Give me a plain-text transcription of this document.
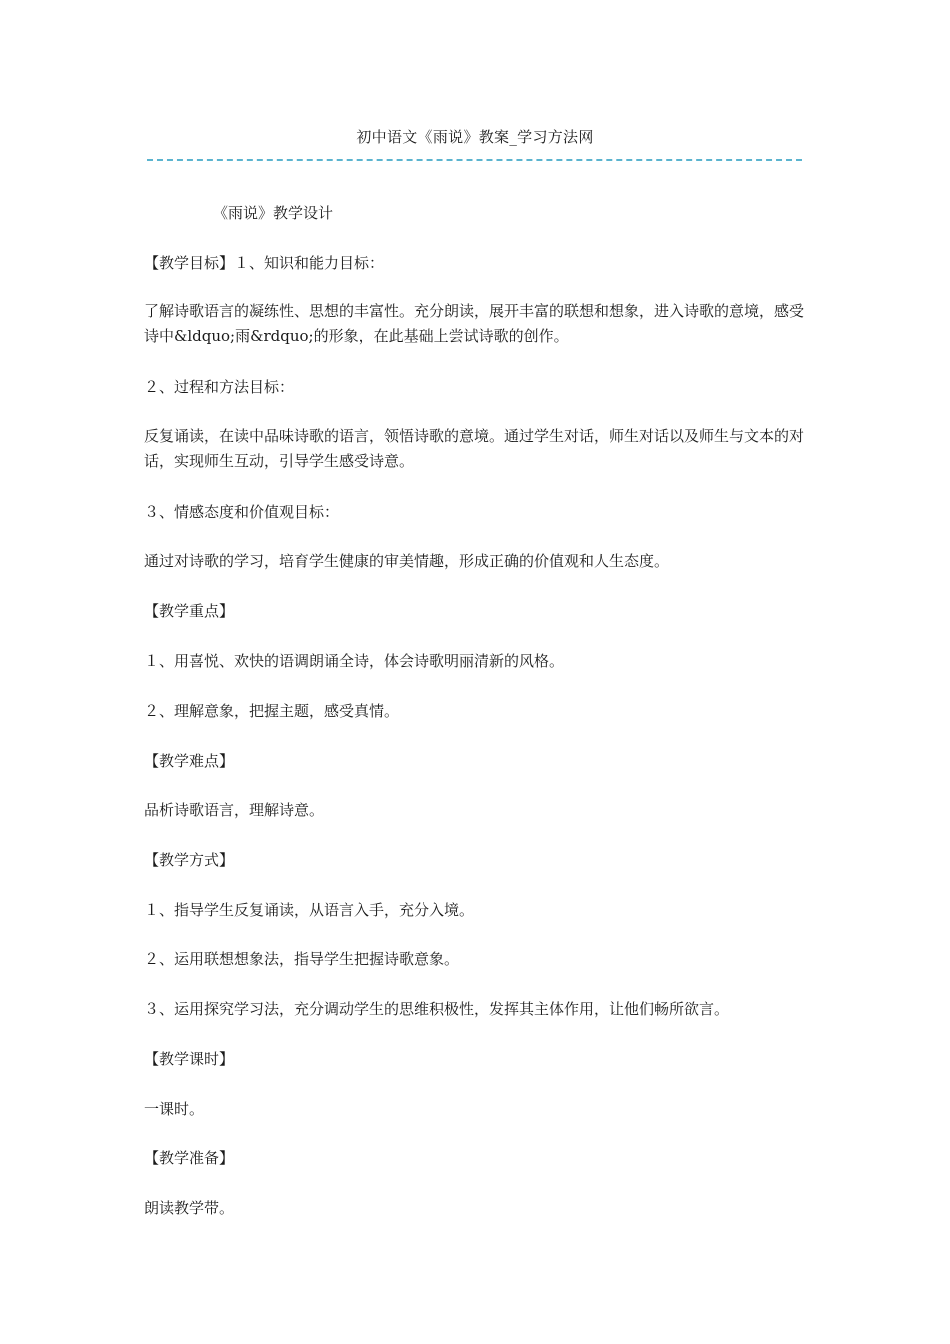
初中语文《雨说》教案_学习方法网
《雨说》教学设计
【教学目标】１、知识和能力目标：
了解诗歌语言的凝练性、思想的丰富性。充分朗读，展开丰富的联想和想象，进入诗歌的意境，感受诗中&ldquo;雨&rdquo;的形象，在此基础上尝试诗歌的创作。
２、过程和方法目标：
反复诵读，在读中品味诗歌的语言，领悟诗歌的意境。通过学生对话，师生对话以及师生与文本的对话，实现师生互动，引导学生感受诗意。
３、情感态度和价值观目标：
通过对诗歌的学习，培育学生健康的审美情趣，形成正确的价值观和人生态度。
【教学重点】
１、用喜悦、欢快的语调朗诵全诗，体会诗歌明丽清新的风格。
２、理解意象，把握主题，感受真情。
【教学难点】
品析诗歌语言，理解诗意。
【教学方式】
１、指导学生反复诵读，从语言入手，充分入境。
２、运用联想想象法，指导学生把握诗歌意象。
３、运用探究学习法，充分调动学生的思维积极性，发挥其主体作用，让他们畅所欲言。
【教学课时】
一课时。
【教学准备】
朗读教学带。
